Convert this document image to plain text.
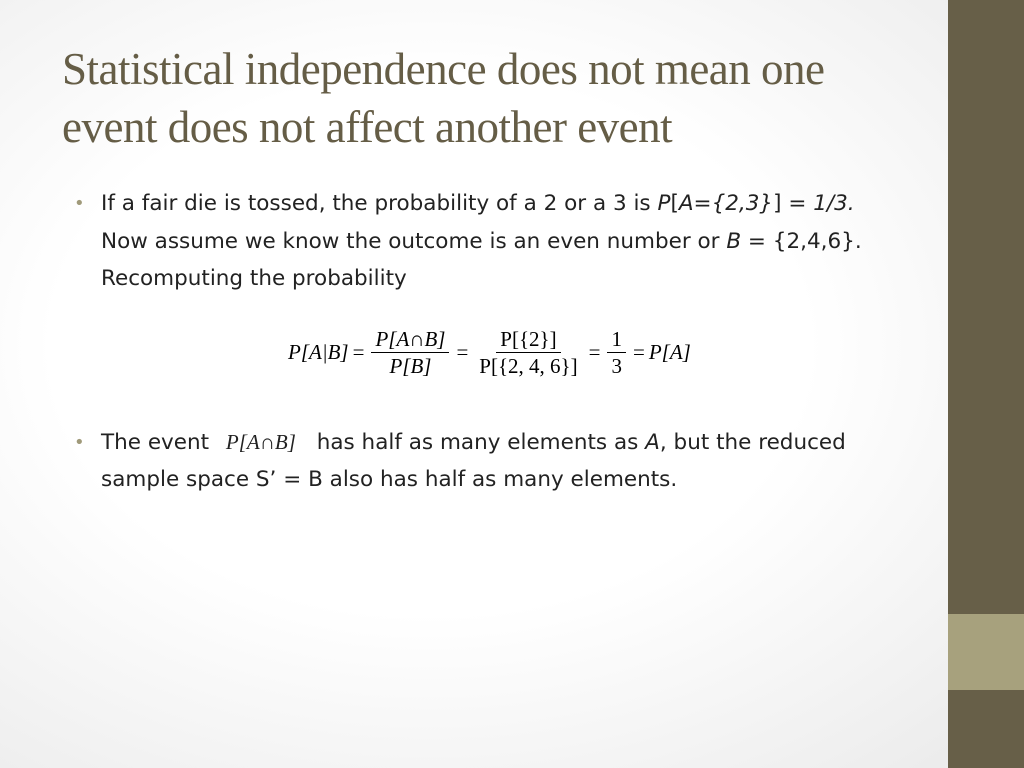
Statistical independence does not mean one event does not affect another event
• If a fair die is tossed, the probability of a 2 or a 3 is P[A={2,3}] = 1/3. Now assume we know the outcome is an even number or B = {2,4,6}. Recomputing the probability
• The event P[A∩B] has half as many elements as A, but the reduced sample space S’ = B also has half as many elements.
$P[A|B] = \frac{P[A\cap B]}{P[B]} = \frac{P[\{2\}]}{P[\{2, 4, 6\}]} = \frac{1}{3} = P[A]$
